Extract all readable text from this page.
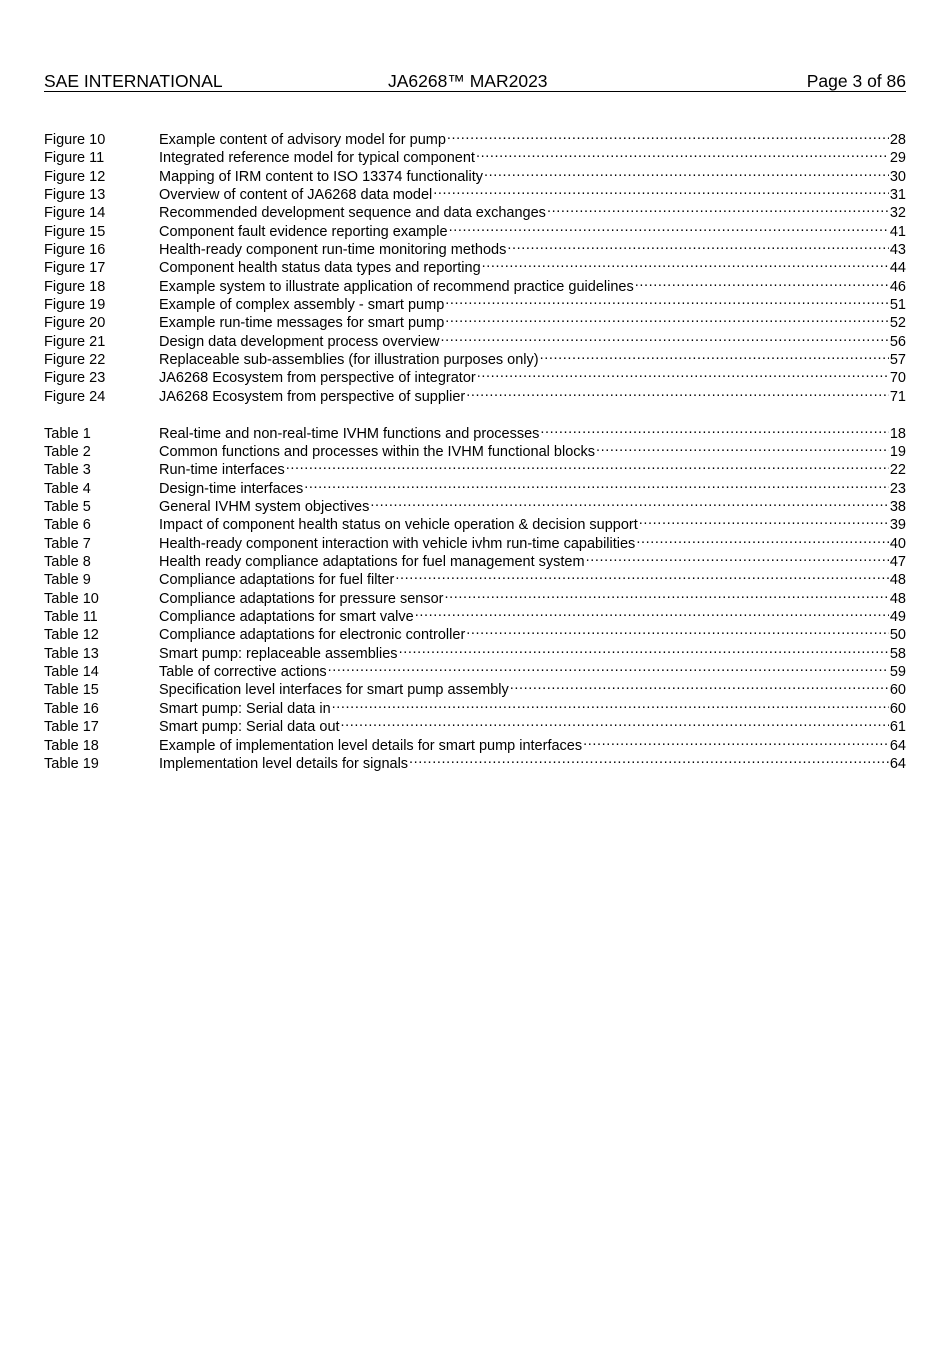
SAE INTERNATIONAL	JA6268™ MAR2023	Page 3 of 86
Figure 10	Example content of advisory model for pump .....	28
Figure 11	Integrated reference model for typical component .....	29
Figure 12	Mapping of IRM content to ISO 13374 functionality .....	30
Figure 13	Overview of content of JA6268 data model .....	31
Figure 14	Recommended development sequence and data exchanges .....	32
Figure 15	Component fault evidence reporting example .....	41
Figure 16	Health-ready component run-time monitoring methods .....	43
Figure 17	Component health status data types and reporting .....	44
Figure 18	Example system to illustrate application of recommend practice guidelines .....	46
Figure 19	Example of complex assembly - smart pump .....	51
Figure 20	Example run-time messages for smart pump .....	52
Figure 21	Design data development process overview .....	56
Figure 22	Replaceable sub-assemblies (for illustration purposes only) .....	57
Figure 23	JA6268 Ecosystem from perspective of integrator .....	70
Figure 24	JA6268 Ecosystem from perspective of supplier .....	71
Table 1	Real-time and non-real-time IVHM functions and processes .....	18
Table 2	Common functions and processes within the IVHM functional blocks .....	19
Table 3	Run-time interfaces .....	22
Table 4	Design-time interfaces .....	23
Table 5	General IVHM system objectives .....	38
Table 6	Impact of component health status on vehicle operation & decision support .....	39
Table 7	Health-ready component interaction with vehicle ivhm run-time capabilities .....	40
Table 8	Health ready compliance adaptations for fuel management system .....	47
Table 9	Compliance adaptations for fuel filter .....	48
Table 10	Compliance adaptations for pressure sensor .....	48
Table 11	Compliance adaptations for smart valve .....	49
Table 12	Compliance adaptations for electronic controller .....	50
Table 13	Smart pump: replaceable assemblies .....	58
Table 14	Table of corrective actions .....	59
Table 15	Specification level interfaces for smart pump assembly .....	60
Table 16	Smart pump: Serial data in .....	60
Table 17	Smart pump: Serial data out .....	61
Table 18	Example of implementation level details for smart pump interfaces .....	64
Table 19	Implementation level details for signals .....	64
